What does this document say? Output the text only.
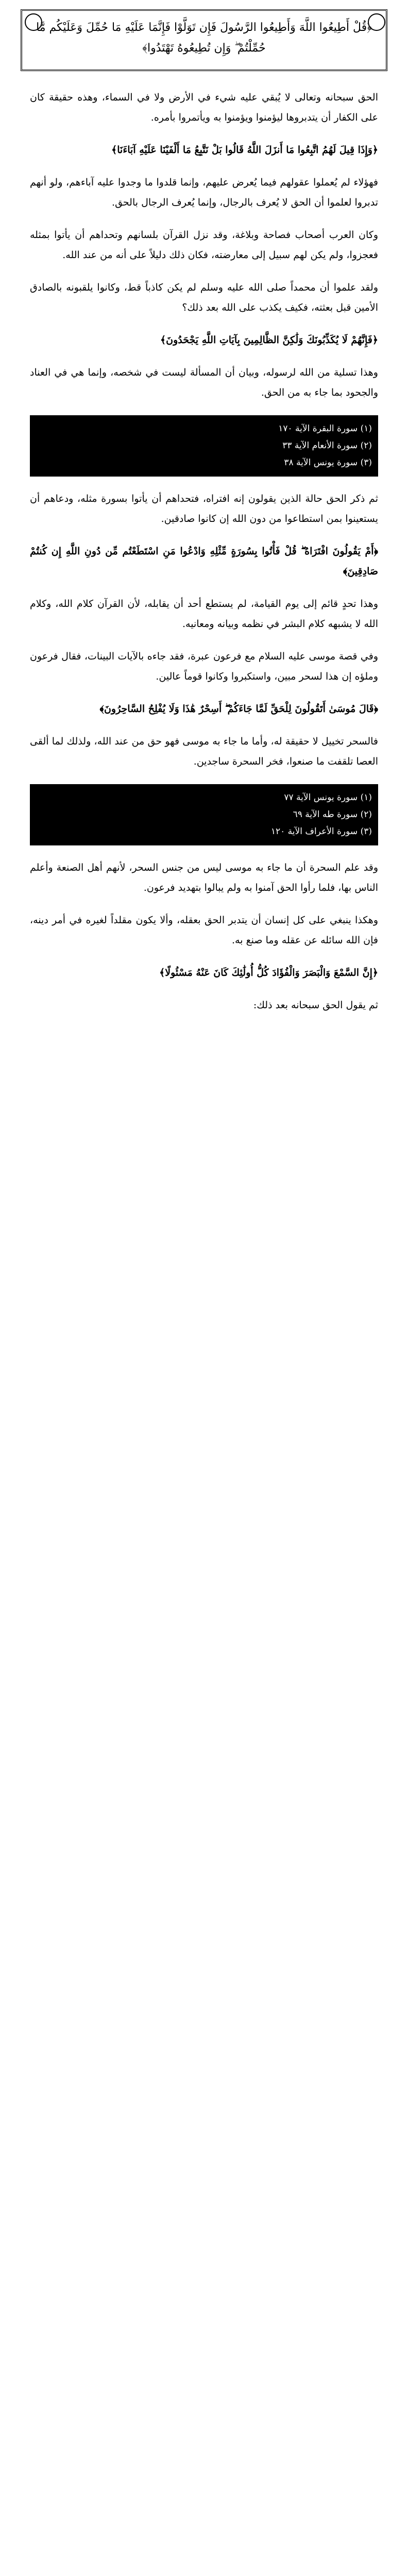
﴿قُلْ أَطِيعُوا اللَّهَ وَأَطِيعُوا الرَّسُولَ فَإِن تَوَلَّوْا فَإِنَّمَا عَلَيْهِ مَا حُمِّلَ وَعَلَيْكُم مَّا حُمِّلْتُمْ ۖ وَإِن تُطِيعُوهُ تَهْتَدُوا﴾
الحق سبحانه وتعالى لا يُبقي عليه شيء في الأرض ولا في السماء، وهذه حقيقة كان على الكفار أن يتدبروها ليؤمنوا ويؤمنوا به ويأتمروا بأمره.
﴿وَإِذَا قِيلَ لَهُمُ اتَّبِعُوا مَا أَنزَلَ اللَّهُ قَالُوا بَلْ نَتَّبِعُ مَا أَلْفَيْنَا عَلَيْهِ آبَاءَنَا﴾
فهؤلاء لم يُعملوا عقولهم فيما يُعرض عليهم، وإنما قلدوا ما وجدوا عليه آباءهم، ولو أنهم تدبروا لعلموا أن الحق لا يُعرف بالرجال، وإنما يُعرف الرجال بالحق.
وكان العرب أصحاب فصاحة وبلاغة، وقد نزل القرآن بلسانهم وتحداهم أن يأتوا بمثله فعجزوا، ولم يكن لهم سبيل إلى معارضته، فكان ذلك دليلاً على أنه من عند الله.
ولقد علموا أن محمداً صلى الله عليه وسلم لم يكن كاذباً قط، وكانوا يلقبونه بالصادق الأمين قبل بعثته، فكيف يكذب على الله بعد ذلك؟
﴿فَإِنَّهُمْ لَا يُكَذِّبُونَكَ وَلَٰكِنَّ الظَّالِمِينَ بِآيَاتِ اللَّهِ يَجْحَدُونَ﴾
وهذا تسلية من الله لرسوله، وبيان أن المسألة ليست في شخصه، وإنما هي في العناد والجحود بما جاء به من الحق.
(١) سورة البقرة الآية ١٧٠
(٢) سورة الأنعام الآية ٣٣
(٣) سورة يونس الآية ٣٨
ثم ذكر الحق حالة الذين يقولون إنه افتراه، فتحداهم أن يأتوا بسورة مثله، ودعاهم أن يستعينوا بمن استطاعوا من دون الله إن كانوا صادقين.
﴿أَمْ يَقُولُونَ افْتَرَاهُ ۖ قُلْ فَأْتُوا بِسُورَةٍ مِّثْلِهِ وَادْعُوا مَنِ اسْتَطَعْتُم مِّن دُونِ اللَّهِ إِن كُنتُمْ صَادِقِينَ﴾
وهذا تحدٍ قائم إلى يوم القيامة، لم يستطع أحد أن يقابله، لأن القرآن كلام الله، وكلام الله لا يشبهه كلام البشر في نظمه وبيانه ومعانيه.
وفي قصة موسى عليه السلام مع فرعون عبرة، فقد جاءه بالآيات البينات، فقال فرعون وملؤه إن هذا لسحر مبين، واستكبروا وكانوا قوماً عالين.
﴿قَالَ مُوسَىٰ أَتَقُولُونَ لِلْحَقِّ لَمَّا جَاءَكُمْ ۖ أَسِحْرٌ هَٰذَا وَلَا يُفْلِحُ السَّاحِرُونَ﴾
فالسحر تخييل لا حقيقة له، وأما ما جاء به موسى فهو حق من عند الله، ولذلك لما ألقى العصا تلقفت ما صنعوا، فخر السحرة ساجدين.
(١) سورة يونس الآية ٧٧
(٢) سورة طه الآية ٦٩
(٣) سورة الأعراف الآية ١٢٠
وقد علم السحرة أن ما جاء به موسى ليس من جنس السحر، لأنهم أهل الصنعة وأعلم الناس بها، فلما رأوا الحق آمنوا به ولم يبالوا بتهديد فرعون.
وهكذا ينبغي على كل إنسان أن يتدبر الحق بعقله، وألا يكون مقلداً لغيره في أمر دينه، فإن الله سائله عن عقله وما صنع به.
﴿إِنَّ السَّمْعَ وَالْبَصَرَ وَالْفُؤَادَ كُلُّ أُولَٰئِكَ كَانَ عَنْهُ مَسْئُولًا﴾
ثم يقول الحق سبحانه بعد ذلك:
